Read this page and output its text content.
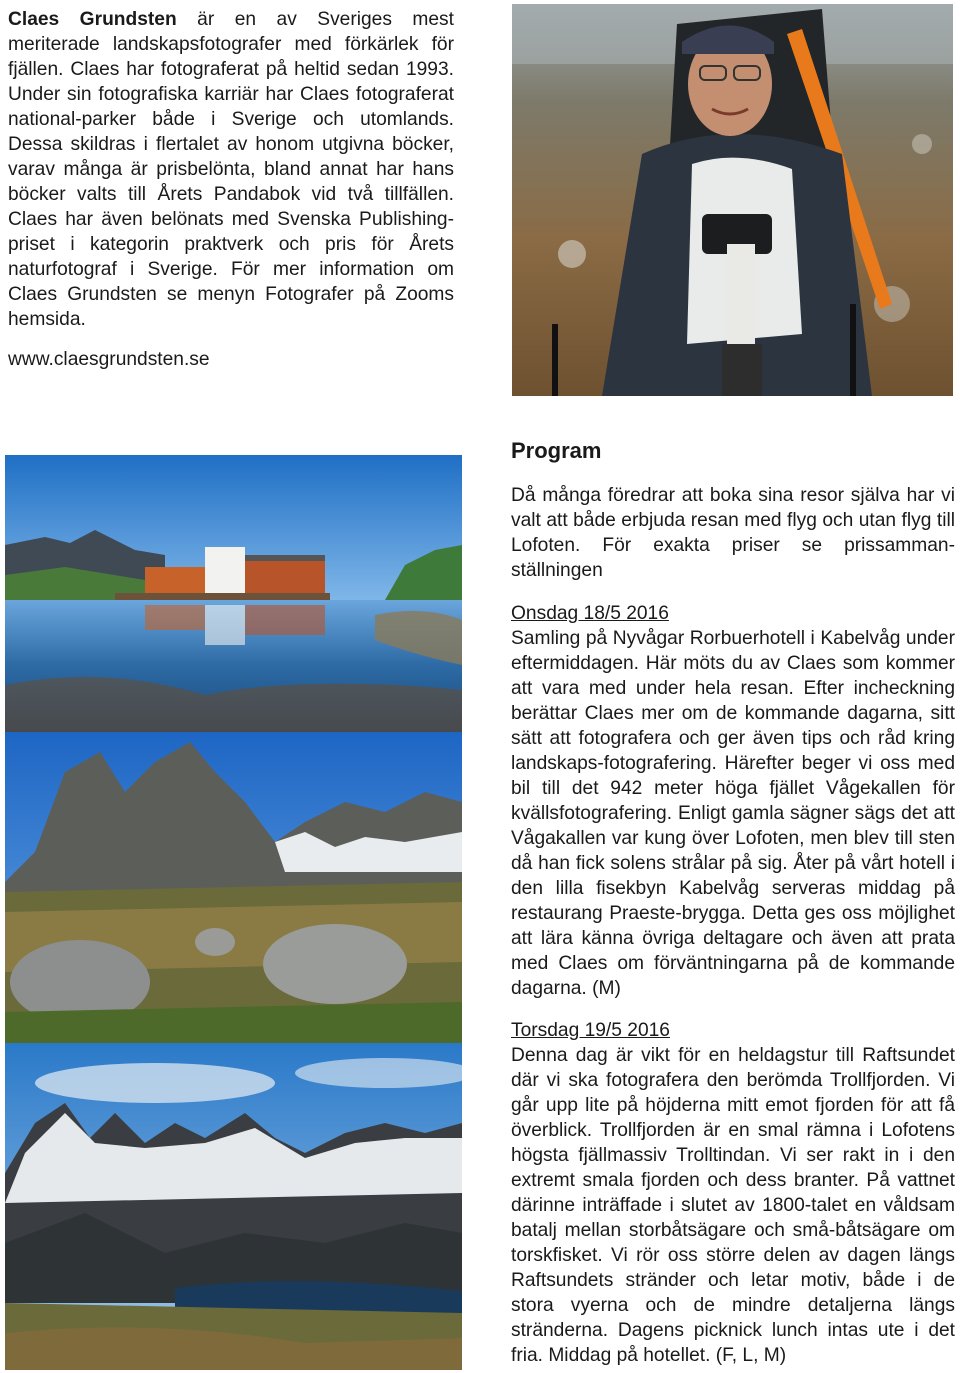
Claes Grundsten är en av Sveriges mest meriterade landskapsfotografer med förkärlek för fjällen. Claes har fotograferat på heltid sedan 1993. Under sin fotografiska karriär har Claes fotograferat national-parker både i Sverige och utomlands. Dessa skildras i flertalet av honom utgivna böcker, varav många är prisbelönta, bland annat har hans böcker valts till Årets Pandabok vid två tillfällen. Claes har även belönats med Svenska Publishing-priset i kategorin praktverk och pris för Årets naturfotograf i Sverige. För mer information om Claes Grundsten se menyn Fotografer på Zooms hemsida.
www.claesgrundsten.se
Program
Då många föredrar att boka sina resor själva har vi valt att både erbjuda resan med flyg och utan flyg till Lofoten. För exakta priser se prissamman-ställningen
Onsdag 18/5 2016
Samling på Nyvågar Rorbuerhotell i Kabelvåg under eftermiddagen. Här möts du av Claes som kommer att vara med under hela resan. Efter incheckning berättar Claes mer om de kommande dagarna, sitt sätt att fotografera och ger även tips och råd kring landskaps-fotografering. Härefter beger vi oss med bil till det 942 meter höga fjället Vågekallen för kvällsfotografering. Enligt gamla sägner sägs det att Vågakallen var kung över Lofoten, men blev till sten då han fick solens strålar på sig. Åter på vårt hotell i den lilla fisekbyn Kabelvåg serveras middag på restaurang Praeste-brygga. Detta ges oss möjlighet att lära känna övriga deltagare och även att prata med Claes om förväntningarna på de kommande dagarna. (M)
Torsdag 19/5 2016
Denna dag är vikt för en heldagstur till Raftsundet där vi ska fotografera den berömda Trollfjorden. Vi går upp lite på höjderna mitt emot fjorden för att få överblick. Trollfjorden är en smal rämna i Lofotens högsta fjällmassiv Trolltindan. Vi ser rakt in i den extremt smala fjorden och dess branter. På vattnet därinne inträffade i slutet av 1800-talet en våldsam batalj mellan storbåtsägare och små-båtsägare om torskfisket. Vi rör oss större delen av dagen längs Raftsundets stränder och letar motiv, både i de stora vyerna och de mindre detaljerna längs stränderna. Dagens picknick lunch intas ute i det fria. Middag på hotellet. (F, L, M)
